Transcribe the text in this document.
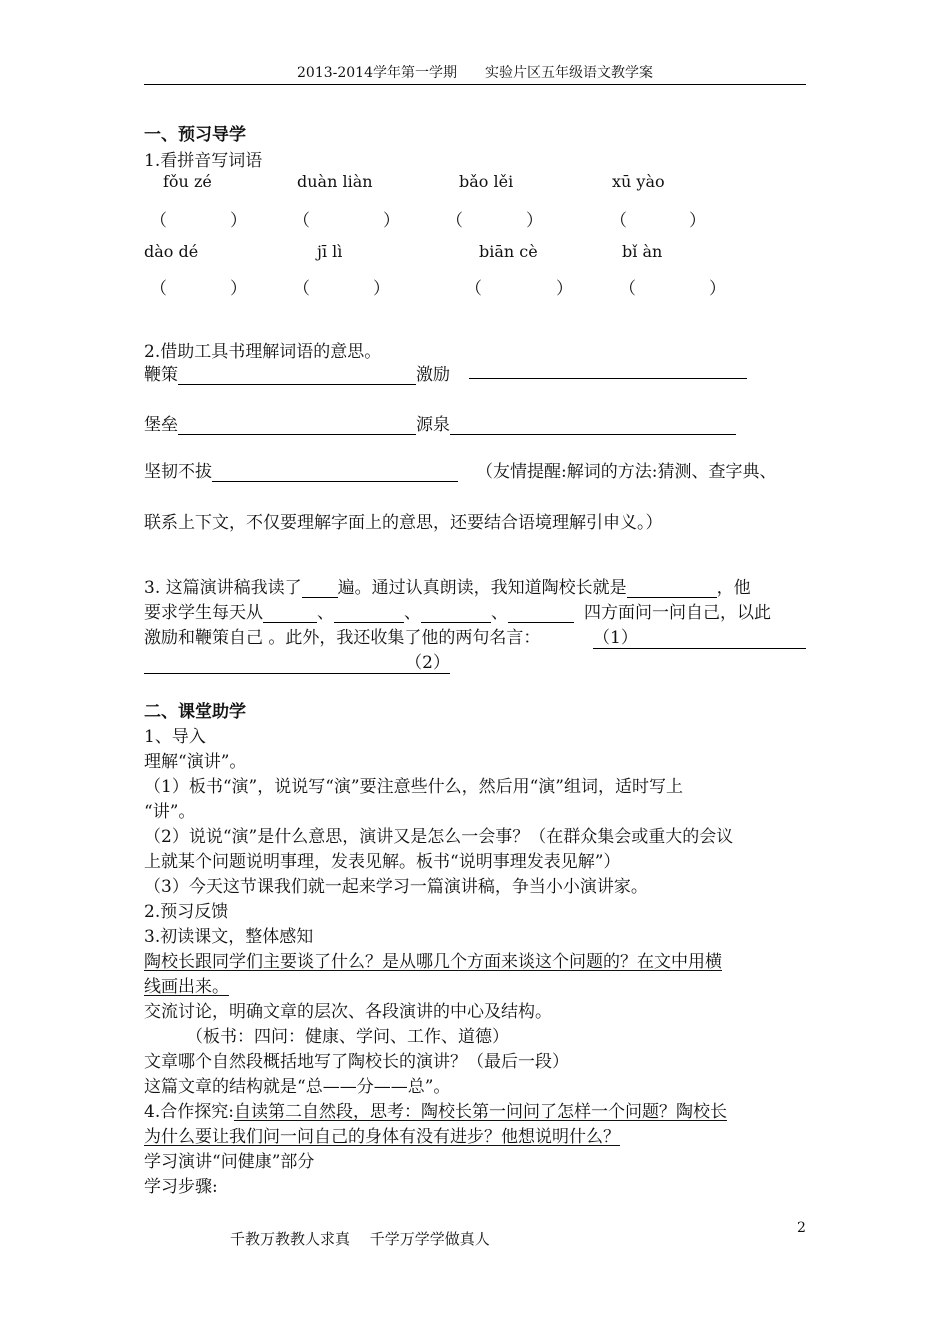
2013-2014学年第一学期　　实验片区五年级语文教学案
一、预习导学
1.看拼音写词语
fǒu zé	duàn liàn	bǎo lěi	xū yào
（	）	（	）	（	）	（	）
dào dé	jī lì	biān cè	bǐ àn
（	）	（	）	（	）	（	）
2.借助工具书理解词语的意思。
鞭策	激励
堡垒	源泉
坚韧不拔	（友情提醒:解词的方法:猜测、查字典、
联系上下文，不仅要理解字面上的意思，还要结合语境理解引申义。）
3. 这篇演讲稿我读了 遍。通过认真朗读，我知道陶校长就是	，他
要求学生每天从	、	、	、	四方面问一问自己，以此
激励和鞭策自己 。此外，我还收集了他的两句名言：	（1）
（2）
二、课堂助学
1、导入
理解“演讲”。
（1）板书“演”，说说写“演”要注意些什么，然后用“演”组词，适时写上
“讲”。
（2）说说“演”是什么意思，演讲又是怎么一会事？（在群众集会或重大的会议
上就某个问题说明事理，发表见解。板书“说明事理发表见解”）
（3）今天这节课我们就一起来学习一篇演讲稿，争当小小演讲家。
2.预习反馈
3.初读课文，整体感知
陶校长跟同学们主要谈了什么？是从哪几个方面来谈这个问题的？在文中用横
线画出来。
交流讨论，明确文章的层次、各段演讲的中心及结构。
（板书：四问：健康、学问、工作、道德）
文章哪个自然段概括地写了陶校长的演讲？（最后一段）
这篇文章的结构就是“总——分——总”。
4.合作探究:自读第二自然段，思考：陶校长第一问问了怎样一个问题？陶校长
为什么要让我们问一问自己的身体有没有进步？他想说明什么？
学习演讲“问健康”部分
学习步骤:
2
千教万教教人求真　 千学万学学做真人
